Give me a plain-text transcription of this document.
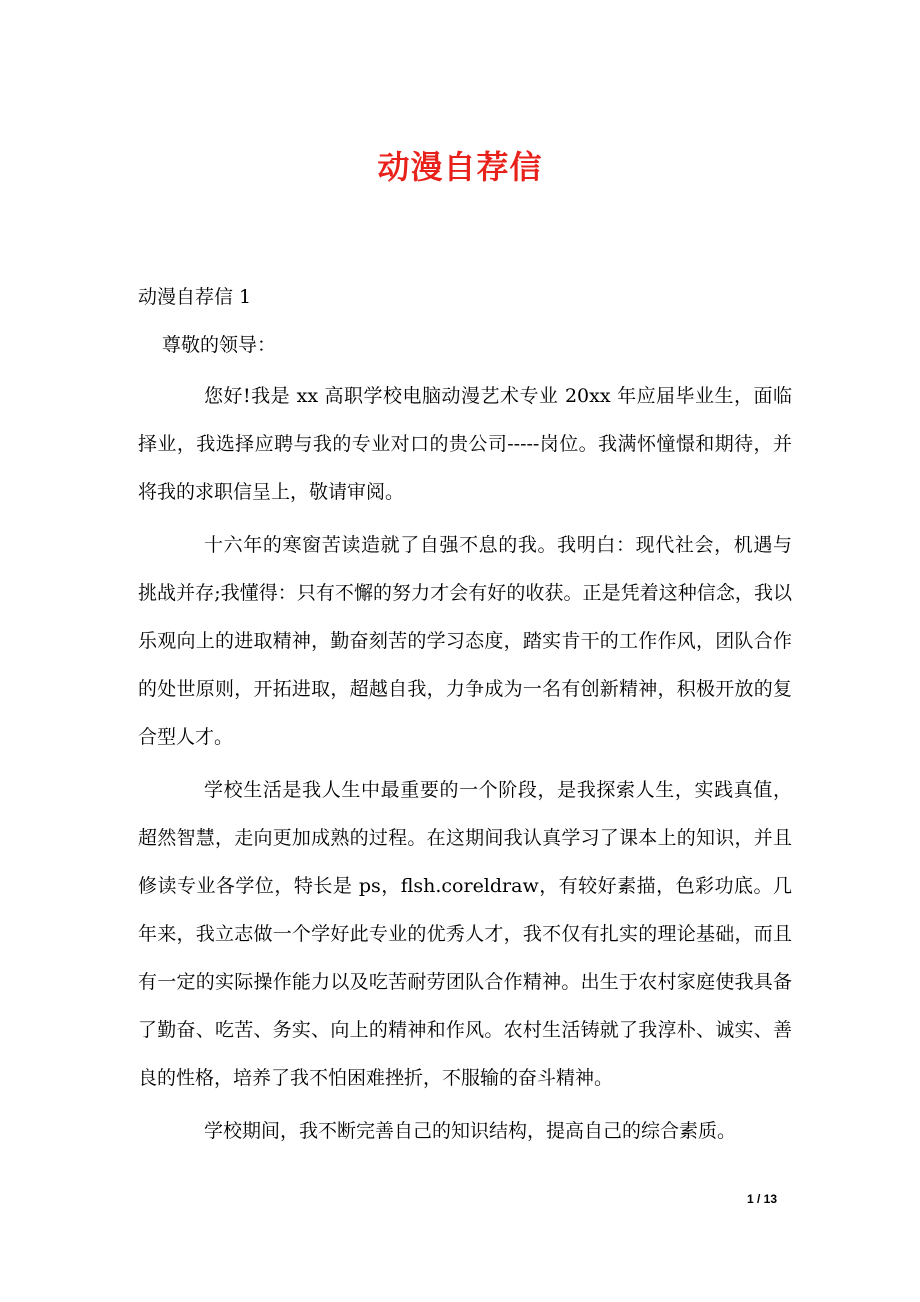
动漫自荐信
动漫自荐信 1
尊敬的领导：

您好!我是 xx 高职学校电脑动漫艺术专业 20xx 年应届毕业生，面临择业，我选择应聘与我的专业对口的贵公司-----岗位。我满怀憧憬和期待，并将我的求职信呈上，敬请审阅。

十六年的寒窗苦读造就了自强不息的我。我明白：现代社会，机遇与挑战并存;我懂得：只有不懈的努力才会有好的收获。正是凭着这种信念，我以乐观向上的进取精神，勤奋刻苦的学习态度，踏实肯干的工作作风，团队合作的处世原则，开拓进取，超越自我，力争成为一名有创新精神，积极开放的复合型人才。

学校生活是我人生中最重要的一个阶段，是我探索人生，实践真值，超然智慧，走向更加成熟的过程。在这期间我认真学习了课本上的知识，并且修读专业各学位，特长是 ps，flsh.coreldraw，有较好素描，色彩功底。几年来，我立志做一个学好此专业的优秀人才，我不仅有扎实的理论基础，而且有一定的实际操作能力以及吃苦耐劳团队合作精神。出生于农村家庭使我具备了勤奋、吃苦、务实、向上的精神和作风。农村生活铸就了我淳朴、诚实、善良的性格，培养了我不怕困难挫折，不服输的奋斗精神。

学校期间，我不断完善自己的知识结构，提高自己的综合素质。

1 / 13
